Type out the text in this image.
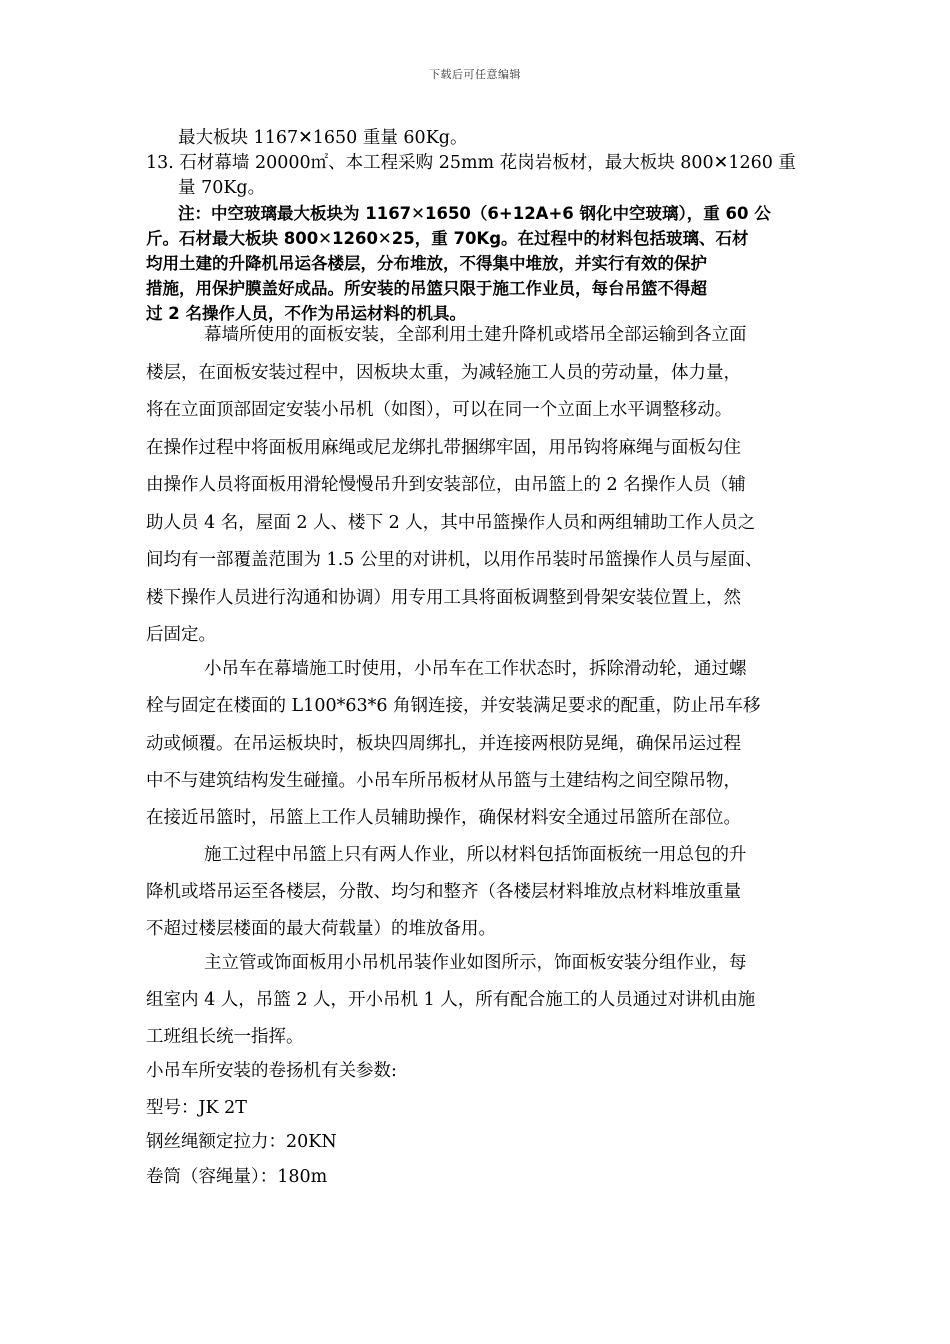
下载后可任意编辑
最大板块 1167✕1650 重量 60Kg。
13. 石材幕墙 20000㎡、本工程采购 25mm 花岗岩板材，最大板块 800✕1260 重
量 70Kg。
注：中空玻璃最大板块为 1167✕1650（6+12A+6 钢化中空玻璃），重 60 公
斤。石材最大板块 800✕1260✕25，重 70Kg。在过程中的材料包括玻璃、石材
均用土建的升降机吊运各楼层，分布堆放，不得集中堆放，并实行有效的保护
措施，用保护膜盖好成品。所安装的吊篮只限于施工作业员，每台吊篮不得超
过 2 名操作人员，不作为吊运材料的机具。
幕墙所使用的面板安装，全部利用土建升降机或塔吊全部运输到各立面
楼层，在面板安装过程中，因板块太重，为减轻施工人员的劳动量，体力量，
将在立面顶部固定安装小吊机（如图），可以在同一个立面上水平调整移动。
在操作过程中将面板用麻绳或尼龙绑扎带捆绑牢固，用吊钩将麻绳与面板勾住
由操作人员将面板用滑轮慢慢吊升到安装部位，由吊篮上的 2 名操作人员（辅
助人员 4 名，屋面 2 人、楼下 2 人，其中吊篮操作人员和两组辅助工作人员之
间均有一部覆盖范围为 1.5 公里的对讲机，以用作吊装时吊篮操作人员与屋面、
楼下操作人员进行沟通和协调）用专用工具将面板调整到骨架安装位置上，然
后固定。
小吊车在幕墙施工时使用，小吊车在工作状态时，拆除滑动轮，通过螺
栓与固定在楼面的 L100*63*6 角钢连接，并安装满足要求的配重，防止吊车移
动或倾覆。在吊运板块时，板块四周绑扎，并连接两根防晃绳，确保吊运过程
中不与建筑结构发生碰撞。小吊车所吊板材从吊篮与土建结构之间空隙吊物，
在接近吊篮时，吊篮上工作人员辅助操作，确保材料安全通过吊篮所在部位。
施工过程中吊篮上只有两人作业，所以材料包括饰面板统一用总包的升
降机或塔吊运至各楼层，分散、均匀和整齐（各楼层材料堆放点材料堆放重量
不超过楼层楼面的最大荷载量）的堆放备用。
主立管或饰面板用小吊机吊装作业如图所示，饰面板安装分组作业，每
组室内 4 人，吊篮 2 人，开小吊机 1 人，所有配合施工的人员通过对讲机由施
工班组长统一指挥。
小吊车所安装的卷扬机有关参数:
型号：JK 2T
钢丝绳额定拉力：20KN
卷筒（容绳量）：180m
